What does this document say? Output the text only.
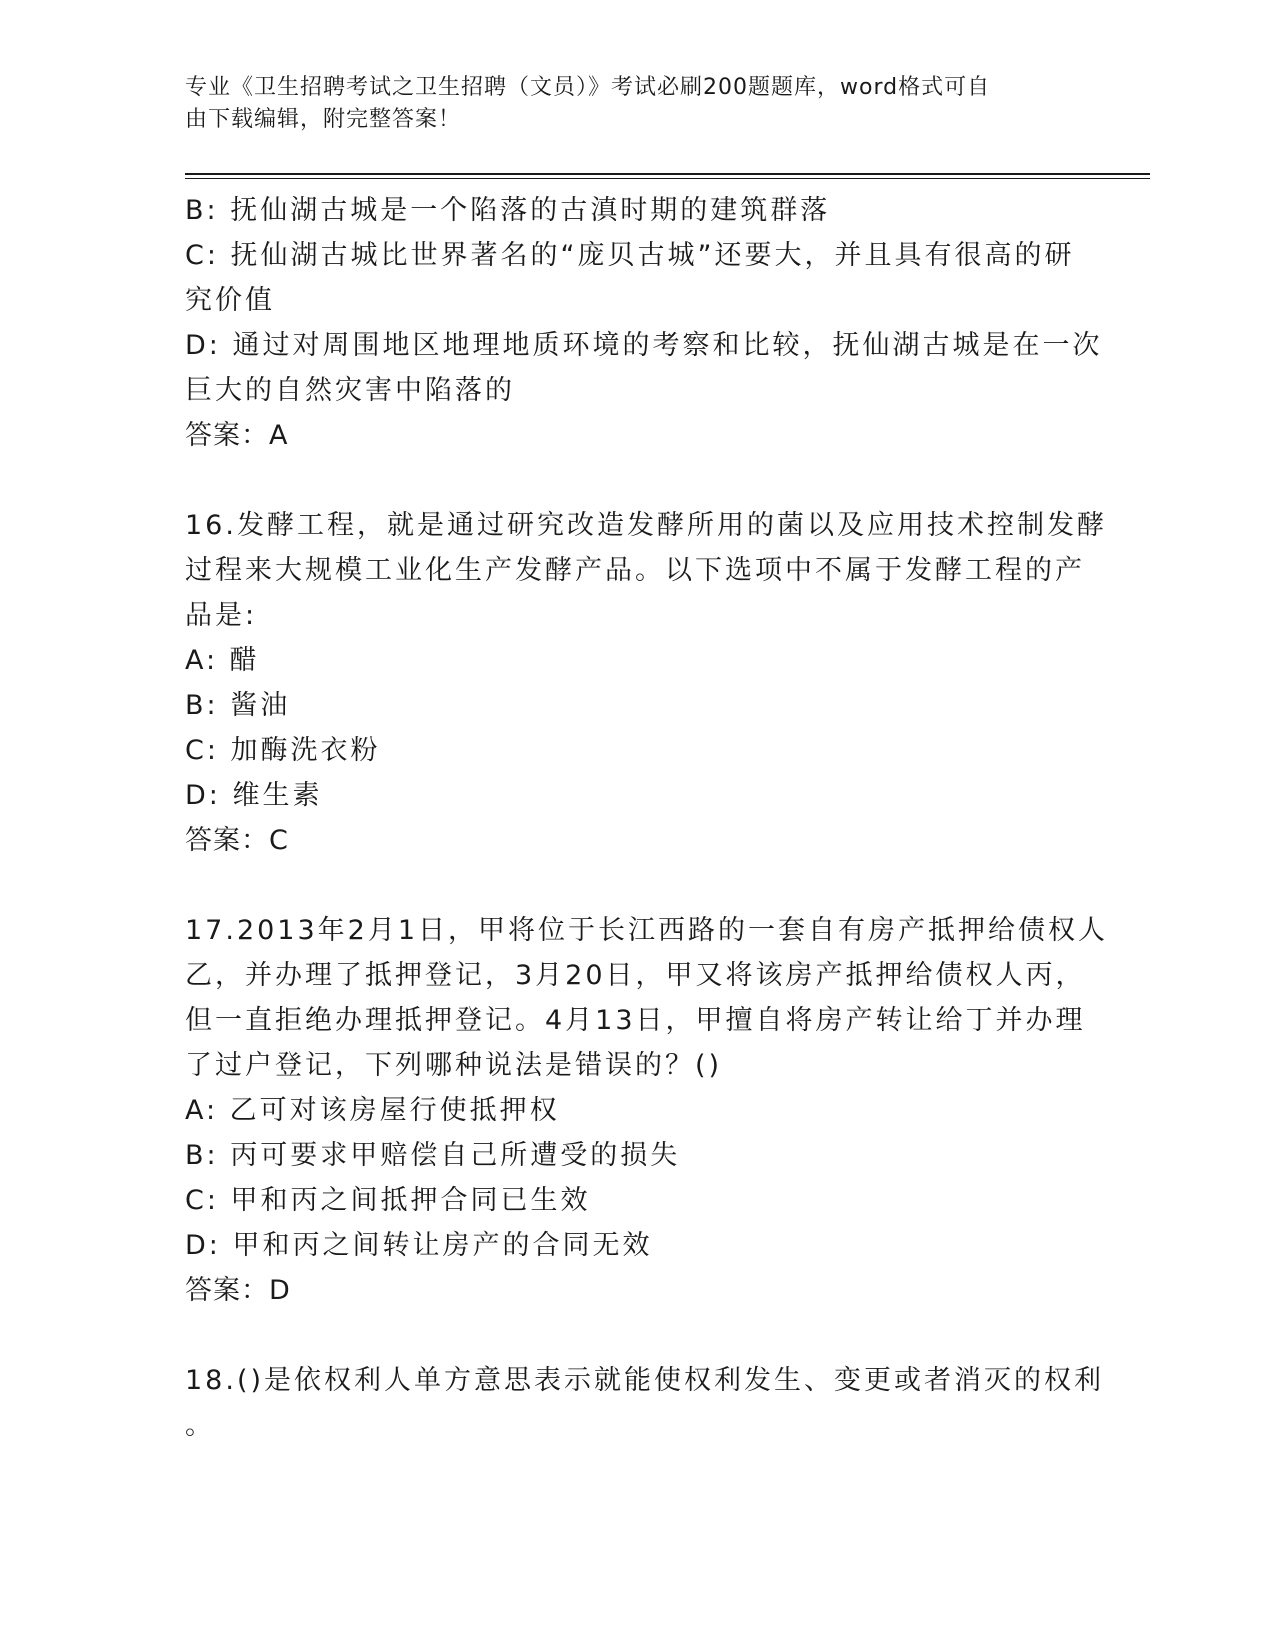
专业《卫生招聘考试之卫生招聘（文员）》考试必刷200题题库，word格式可自
由下载编辑，附完整答案！
B: 抚仙湖古城是一个陷落的古滇时期的建筑群落
C: 抚仙湖古城比世界著名的“庞贝古城”还要大，并且具有很高的研
究价值
D: 通过对周围地区地理地质环境的考察和比较，抚仙湖古城是在一次
巨大的自然灾害中陷落的
答案：A
16.发酵工程，就是通过研究改造发酵所用的菌以及应用技术控制发酵
过程来大规模工业化生产发酵产品。以下选项中不属于发酵工程的产
品是:
A: 醋
B: 酱油
C: 加酶洗衣粉
D: 维生素
答案：C
17.2013年2月1日，甲将位于长江西路的一套自有房产抵押给债权人
乙，并办理了抵押登记，3月20日，甲又将该房产抵押给债权人丙，
但一直拒绝办理抵押登记。4月13日，甲擅自将房产转让给丁并办理
了过户登记，下列哪种说法是错误的？()
A: 乙可对该房屋行使抵押权
B: 丙可要求甲赔偿自己所遭受的损失
C: 甲和丙之间抵押合同已生效
D: 甲和丙之间转让房产的合同无效
答案：D
18.()是依权利人单方意思表示就能使权利发生、变更或者消灭的权利
。
